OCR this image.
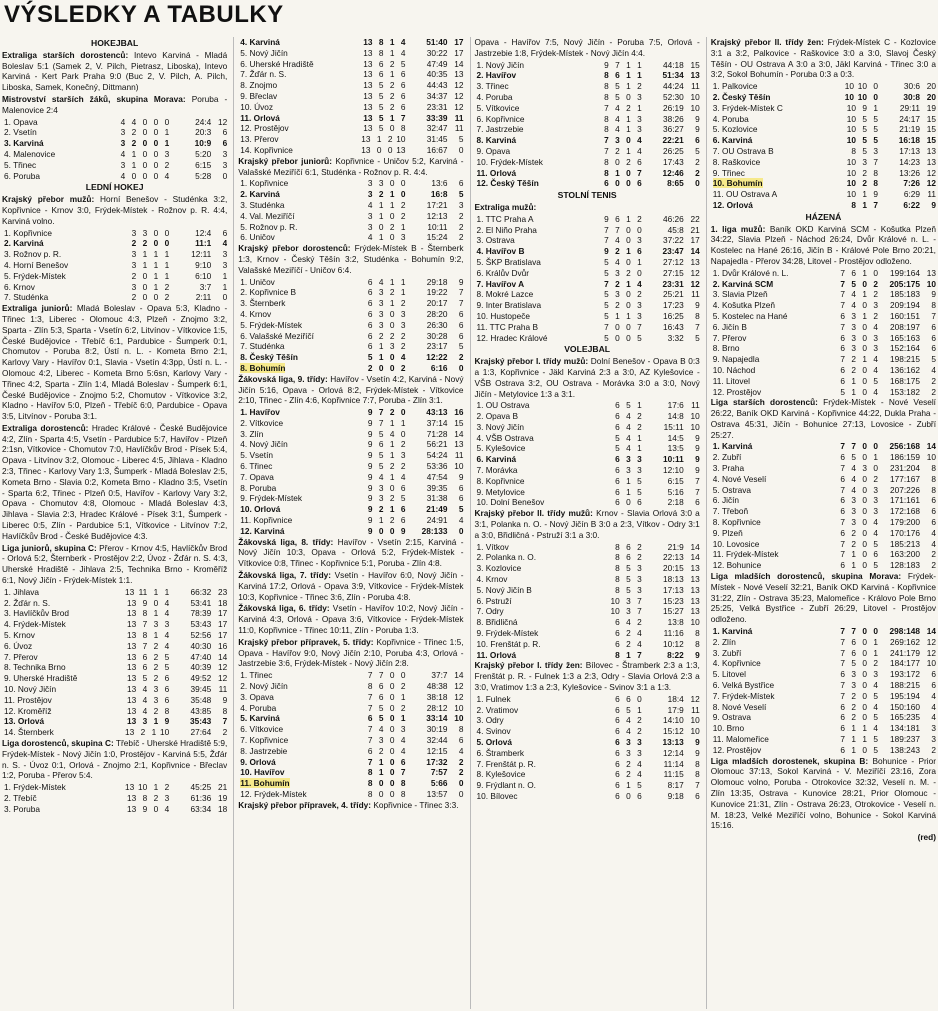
VÝSLEDKY A TABULKY
HOKEJBAL
Extraliga starších dorostenců: Intevo Karviná - Mladá Boleslav 5:1 (Samek 2, V. Pilch, Pietrasz, Liboska), Intevo Karviná - Kert Park Praha 9:0 (Buc 2, V. Pilch, A. Pilch, Liboska, Samek, Konečný, Dittmann)
Mistrovství starších žáků, skupina Morava: Poruba - Malenovice 2:4
1. Opava	4 4 0 0 0	24:4 12
2. Vsetín	3 2 0 0 1	20:3	6
3. Karviná	3 2 0 0 1	10:9	6
4. Malenovice	4 1 0 0 3	5:20	3
5. Třinec	3 1 0 0 2	6:15	3
6. Poruba	4 0 0 0 4	5:28	0
LEDNÍ HOKEJ
Krajský přebor mužů: Horní Benešov - Studénka 3:2, Kopřivnice - Krnov 3:0, Frýdek-Místek - Rožnov p. R. 4:4, Karviná volno.
1. Kopřivnice	3 3 0 0	12:4	6
2. Karviná	2 2 0 0	11:1	4
3. Rožnov p. R.	3 1 1 1	12:11	3
4. Horní Benešov	3 1 1 1	9:10	3
5. Frýdek-Místek	2 0 1 1	6:10	1
6. Krnov	3 0 1 2	3:7	1
7. Studénka	2 0 0 2	2:11	0
Extraliga juniorů: Mladá Boleslav - Opava 5:3, Kladno - Třinec 1:3, Liberec - Olomouc 4:3, Plzeň - Znojmo 3:2, Sparta - Zlín 5:3, Sparta - Vsetín 6:2, Litvínov - Vítkovice 1:5, České Budějovice - Třebíč 6:1, Pardubice - Šumperk 0:1, Chomutov - Poruba 8:2, Ústí n. L. - Kometa Brno 2:1, Karlovy Vary - Havířov 0:1, Slavia - Vsetín 4:3pp, Ústí n. L. - Olomouc 4:2, Liberec - Kometa Brno 5:6sn, Karlovy Vary - Třinec 4:2, Sparta - Zlín 1:4, Mladá Boleslav - Šumperk 6:1, České Budějovice - Znojmo 5:2, Chomutov - Vítkovice 3:2, Kladno - Havířov 5:0, Plzeň - Třebíč 6:0, Pardubice - Opava 3:5, Litvínov - Poruba 3:1.
Extraliga dorostenců: Hradec Králové - České Budějovice 4:2, Zlín - Sparta 4:5, Vsetín - Pardubice 5:7, Havířov - Plzeň 2:1sn, Vítkovice - Chomutov 7:0, Havlíčkův Brod - Písek 5:4, Opava - Litvínov 3:2, Olomouc - Liberec 4:5, Jihlava - Kladno 2:3, Třinec - Karlovy Vary 1:3, Šumperk - Mladá Boleslav 2:5, Kometa Brno - Slavia 0:2, Kometa Brno - Kladno 3:5, Vsetín - Sparta 6:2, Třinec - Plzeň 0:5, Havířov - Karlovy Vary 3:2, Opava - Chomutov 4:8, Olomouc - Mladá Boleslav 4:3, Jihlava - Slavia 2:3, Hradec Králové - Písek 3:1, Šumperk - Liberec 0:5, Zlín - Pardubice 5:1, Vítkovice - Litvínov 7:2, Havlíčkův Brod - České Budějovice 4:3.
Liga juniorů, skupina C: Přerov - Krnov 4:5, Havlíčkův Brod - Orlová 5:2, Šternberk - Prostějov 2:2, Úvoz - Žďár n. S. 4:3, Uherské Hradiště - Jihlava 2:5, Technika Brno - Kroměříž 6:1, Nový Jičín - Frýdek-Místek 1:1.
1. Jihlava	13 11 1 1	66:32 23
2. Žďár n. S.	13 9 0 4	53:41 18
3. Havlíčkův Brod	13 8 1 4	78:39 17
4. Frýdek-Místek	13 7 3 3	53:43 17
5. Krnov	13 8 1 4	52:56 17
6. Úvoz	13 7 2 4	40:30 16
7. Přerov	13 6 2 5	47:40 14
8. Technika Brno	13 6 2 5	40:39 12
9. Uherské Hradiště	13 5 2 6	49:52 12
10. Nový Jičín	13 4 3 6	39:45 11
11. Prostějov	13 4 3 6	35:48	9
12. Kroměříž	13 4 2 8	43:85	8
13. Orlová	13 3 1 9	35:43	7
14. Šternberk	13 2 1 10	27:64	2
Liga dorostenců, skupina C: Třebíč - Uherské Hradiště 5:9, Frýdek-Místek - Nový Jičín 1:0, Prostějov - Karviná 5:5, Žďár n. S. - Úvoz 0:1, Orlová - Znojmo 2:1, Kopřivnice - Břeclav 1:2, Poruba - Přerov 5:4.
1. Frýdek-Místek	13 10 1 2	45:25 21
2. Třebíč	13 8 2 3	61:36 19
3. Poruba	13 9 0 4	63:34 18
4. Karviná	13 8 1 4	51:40 17
5. Nový Jičín	13 8 1 4	30:22 17
6. Uherské Hradiště	13 6 2 5	47:49 14
7. Žďár n. S.	13 6 1 6	40:35 13
8. Znojmo	13 5 2 6	44:43 12
9. Břeclav	13 5 2 6	34:37 12
10. Úvoz	13 5 2 6	23:31 12
11. Orlová	13 5 1 7	33:39 11
12. Prostějov	13 5 0 8	32:47 11
13. Přerov	13 1 2 10	31:45	5
14. Kopřivnice	13 0 0 13	16:67	0
Krajský přebor juniorů: Kopřivnice - Uničov 5:2, Karviná - Valašské Meziříčí 6:1, Studénka - Rožnov p. R. 4:4.
1. Kopřivnice	3 3 0 0	13:6	6
2. Karviná	3 2 1 0	16:8	5
3. Studénka	4 1 1 2	17:21	3
4. Val. Meziříčí	3 1 0 2	12:13	2
5. Rožnov p. R.	3 0 2 1	10:11	2
6. Uničov	4 1 0 3	15:24	2
Krajský přebor dorostenců: Frýdek-Místek B - Šternberk 1:3, Krnov - Český Těšín 3:2, Studénka - Bohumín 9:2, Valašské Meziříčí - Uničov 6:4.
1. Uničov	6 4 1 1	29:18	9
2. Kopřivnice B	6 3 2 1	19:22	7
3. Šternberk	6 3 1 2	20:17	7
4. Krnov	6 3 0 3	28:20	6
5. Frýdek-Místek	6 3 0 3	26:30	6
6. Valašské Meziříčí	6 2 2 2	30:28	6
7. Studénka	6 1 3 2	23:17	5
8. Český Těšín	5 1 0 4	12:22	2
8. Bohumín	2 0 0 2	6:16	0
Žákovská liga, 9. třídy: Havířov - Vsetín 4:2, Karviná - Nový Jičín 5:16, Opava - Orlová 8:2, Frýdek-Místek - Vítkovice 2:10, Třinec - Zlín 4:6, Kopřivnice 7:7, Poruba - Zlín 3:1.
1. Havířov	9 7 2 0	43:13 16
2. Vítkovice	9 7 1 1	37:14 15
3. Zlín	9 5 4 0	71:28 14
4. Nový Jičín	9 6 1 2	56:21 13
5. Vsetín	9 5 1 3	54:24 11
6. Třinec	9 5 2 2	53:36 10
7. Opava	9 4 1 4	47:54	9
8. Poruba	9 3 0 6	39:35	6
9. Frýdek-Místek	9 3 2 5	31:38	6
10. Orlová	9 2 1 6	21:49	5
11. Kopřivnice	9 1 2 6	24:91	4
12. Karviná	9 0 0 9	28:133	0
Žákovská liga, 8. třídy: Havířov - Vsetín 2:15, Karviná - Nový Jičín 10:3, Opava - Orlová 5:2, Frýdek-Místek - Vítkovice 0:8, Třinec - Kopřivnice 5:1, Poruba - Zlín 4:8.
Žákovská liga, 7. třídy: Vsetín - Havířov 6:0, Nový Jičín - Karviná 17:2, Orlová - Opava 3:9, Vítkovice - Frýdek-Místek 10:3, Kopřivnice - Třinec 3:6, Zlín - Poruba 4:8.
Žákovská liga, 6. třídy: Vsetín - Havířov 10:2, Nový Jičín - Karviná 4:3, Orlová - Opava 3:6, Vítkovice - Frýdek-Místek 11:0, Kopřivnice - Třinec 10:11, Zlín - Poruba 1:3.
Krajský přebor přípravek, 5. třídy: Kopřivnice - Třinec 1:5, Opava - Havířov 9:0, Nový Jičín 2:10, Poruba 4:3, Orlová - Jastrzebie 3:6, Frýdek-Místek - Nový Jičín 2:8.
1. Třinec	7 7 0 0	37:7 14
2. Nový Jičín	8 6 0 2	48:38 12
3. Opava	7 6 0 1	38:18 12
4. Poruba	7 5 0 2	28:12 10
5. Karviná	6 5 0 1	33:14 10
6. Vítkovice	7 4 0 3	30:19	8
7. Kopřivnice	7 3 0 4	32:44	6
8. Jastrzebie	6 2 0 4	12:15	4
9. Orlová	7 1 0 6	17:32	2
10. Havířov	8 1 0 7	7:57	2
11. Bohumín	8 0 0 8	5:66	0
12. Frýdek-Místek	8 0 0 8	13:57	0
Krajský přebor přípravek, 4. třídy: Kopřivnice - Třinec 3:3.
Opava - Havířov 7:5, Nový Jičín - Poruba 7:5, Orlová - Jastrzebie 1:8, Frýdek-Místek - Nový Jičín 4:4.
1. Nový Jičín	9 7 1 1	44:18 15
2. Havířov	8 6 1 1	51:34 13
3. Třinec	8 5 1 2	44:24 11
4. Poruba	8 5 0 3	52:30 10
5. Vítkovice	7 4 2 1	26:19 10
6. Kopřivnice	8 4 1 3	38:26	9
7. Jastrzebie	8 4 1 3	36:27	9
8. Karviná	7 3 0 4	22:21	6
9. Opava	7 2 1 4	26:25	5
10. Frýdek-Místek	8 0 2 6	17:43	2
11. Orlová	8 1 0 7	12:46	2
12. Český Těšín	6 0 0 6	8:65	0
STOLNÍ TENIS
Extraliga mužů:
1. TTC Praha A	9 6 1 2	46:26 22
2. El Niño Praha	7 7 0 0	45:8 21
3. Ostrava	7 4 0 3	37:22 17
4. Havířov B	9 2 1 6	23:47 14
5. ŠKP Bratislava	5 4 0 1	27:12 13
6. Králův Dvůr	5 3 2 0	27:15 12
7. Havířov A	7 2 1 4	23:31 12
8. Mokré Lazce	5 3 0 2	25:21 11
9. Inter Bratislava	5 2 0 3	17:23	9
10. Hustopeče	5 1 1 3	16:25	8
11. TTC Praha B	7 0 0 7	16:43	7
12. Hradec Králové	5 0 0 5	3:32	5
VOLEJBAL
Krajský přebor I. třídy mužů: Dolní Benešov - Opava B 0:3 a 1:3, Kopřivnice - Jäkl Karviná 2:3 a 3:0, AZ Kylešovice - VŠB Ostrava 3:2, OU Ostrava - Morávka 3:0 a 3:0, Nový Jičín - Metylovice 1:3 a 3:1.
1. OU Ostrava	6 5 1	17:6 11
2. Opava B	6 4 2	14:8 10
3. Nový Jičín	6 4 2	15:11 10
4. VŠB Ostrava	5 4 1	14:5	9
5. Kylešovice	5 4 1	13:5	9
6. Karviná	6 3 3	10:11	9
7. Morávka	6 3 3	12:10	9
8. Kopřivnice	6 1 5	6:15	7
9. Metylovice	6 1 5	5:16	7
10. Dolní Benešov	6 0 6	2:18	6
Krajský přebor II. třídy mužů: Krnov - Slavia Orlová 3:0 a 3:1, Polanka n. O. - Nový Jičín B 3:0 a 2:3, Vítkov - Odry 3:1 a 3:0, Břidličná - Pstruží 3:1 a 3:0.
1. Vítkov	8 6 2	21:9 14
2. Polanka n. O.	8 6 2	22:13 14
3. Kozlovice	8 5 3	20:15 13
4. Krnov	8 5 3	18:13 13
5. Nový Jičín B	8 5 3	17:13 13
6. Pstruží	10 3 7	15:23 13
7. Odry	10 3 7	15:27 13
8. Břidličná	6 4 2	13:8 10
9. Frýdek-Místek	6 2 4	11:16	8
10. Frenštát p. R.	6 2 4	10:12	8
11. Orlová	8 1 7	8:22	9
Krajský přebor I. třídy žen: Bílovec - Štramberk 2:3 a 1:3, Frenštát p. R. - Fulnek 1:3 a 2:3, Odry - Slavia Orlová 2:3 a 3:0, Vratimov 1:3 a 2:3, Kylešovice - Svinov 3:1 a 1:3.
1. Fulnek	6 6 0	18:4 12
2. Vratimov	6 5 1	17:9 11
3. Odry	6 4 2	14:10 10
4. Svinov	6 4 2	15:12 10
5. Orlová	6 3 3	13:13	9
6. Štramberk	6 3 3	12:14	9
7. Frenštát p. R.	6 2 4	11:14	8
8. Kylešovice	6 2 4	11:15	8
9. Frýdlant n. O.	6 1 5	8:17	7
10. Bílovec	6 0 6	9:18	6
Krajský přebor II. třídy žen: Frýdek-Místek C - Kozlovice 3:1 a 3:2, Palkovice - Raškovice 3:0 a 3:0, Slavoj Český Těšín - OU Ostrava A 3:0 a 3:0, Jäkl Karviná - Třinec 3:0 a 3:2, Sokol Bohumín - Poruba 0:3 a 0:3.
1. Palkovice	10 10 0	30:6 20
2. Český Těšín	10 10 0	30:8 20
3. Frýdek-Místek C	10 9 1	29:11 19
4. Poruba	10 5 5	24:17 15
5. Kozlovice	10 5 5	21:19 15
6. Karviná	10 5 5	16:18 15
7. OU Ostrava B	8 5 3	17:13 13
8. Raškovice	10 3 7	14:23 13
9. Třinec	10 2 8	13:26 12
10. Bohumín	10 2 8	7:26 12
11. OU Ostrava A	10 1 9	6:29 11
12. Orlová	8 1 7	6:22	9
HÁZENÁ
1. liga mužů: Baník OKD Karviná SCM - Košutka Plzeň 34:22, Slavia Plzeň - Náchod 26:24, Dvůr Králové n. L. - Kostelec na Hané 26:16, Jičín B - Králové Pole Brno 20:21, Napajedla - Přerov 34:28, Litovel - Prostějov odloženo.
1. Dvůr Králové n. L.	7 6 1 0	199:164 13
2. Karviná SCM	7 5 0 2	205:175 10
3. Slavia Plzeň	7 4 1 2	185:183	9
4. Košutka Plzeň	7 4 0 3	209:194	8
5. Kostelec na Hané	6 3 1 2	160:151	7
6. Jičín B	7 3 0 4	208:197	6
7. Přerov	6 3 0 3	165:163	6
8. Brno	6 3 0 3	152:164	6
9. Napajedla	7 2 1 4	198:215	5
10. Náchod	6 2 0 4	136:162	4
11. Litovel	6 1 0 5	168:175	2
12. Prostějov	5 1 0 4	153:182	2
Liga starších dorostenců: Frýdek-Místek - Nové Veselí 26:22, Baník OKD Karviná - Kopřivnice 44:22, Dukla Praha - Ostrava 45:31, Jičín - Bohunice 27:13, Lovosice - Zubří 25:27.
1. Karviná	7 7 0 0	256:168 14
2. Zubří	6 5 0 1	186:159 10
3. Praha	7 4 3 0	231:204	8
4. Nové Veselí	6 4 0 2	177:167	8
5. Ostrava	7 4 0 3	207:226	8
6. Jičín	6 3 0 3	171:161	6
7. Třeboň	6 3 0 3	172:168	6
8. Kopřivnice	7 3 0 4	179:200	6
9. Plzeň	6 2 0 4	170:176	4
10. Lovosice	7 2 0 5	185:213	4
11. Frýdek-Místek	7 1 0 6	163:200	2
12. Bohunice	6 1 0 5	128:183	2
Liga mladších dorostenců, skupina Morava: Frýdek-Místek - Nové Veselí 32:21, Baník OKD Karviná - Kopřivnice 31:22, Zlín - Ostrava 35:23, Malomeřice - Královo Pole Brno 25:25, Velká Bystřice - Zubří 26:29, Litovel - Prostějov odloženo.
1. Karviná	7 7 0 0	298:148 14
2. Zlín	7 6 0 1	269:162 12
3. Zubří	7 6 0 1	241:179 12
4. Kopřivnice	7 5 0 2	184:177 10
5. Litovel	6 3 0 3	193:172	6
6. Velká Bystřice	7 3 0 4	188:215	6
7. Frýdek-Místek	7 2 0 5	195:194	4
8. Nové Veselí	6 2 0 4	150:160	4
9. Ostrava	6 2 0 5	165:235	4
10. Brno	6 1 1 4	134:181	3
11. Malomeřice	7 1 1 5	189:237	3
12. Prostějov	6 1 0 5	138:243	2
Liga mladších dorostenek, skupina B: Bohunice - Prior Olomouc 37:13, Sokol Karviná - V. Meziříčí 23:16, Zora Olomouc volno, Poruba - Otrokovice 32:32, Veselí n. M. - Zlín 13:35, Ostrava - Kunovice 28:21, Prior Olomouc - Kunovice 21:31, Zlín - Ostrava 26:23, Otrokovice - Veselí n. M. 18:23, Velké Meziříčí volno, Bohunice - Sokol Karviná 15:16.
(red)
